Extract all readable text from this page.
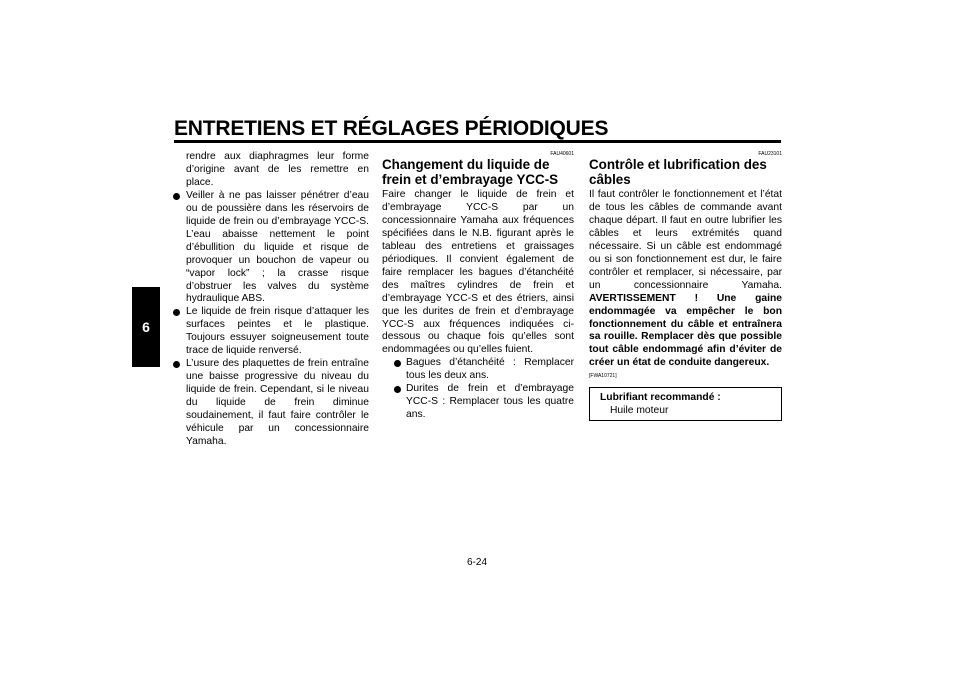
ENTRETIENS ET RÉGLAGES PÉRIODIQUES
6

rendre aux diaphragmes leur forme d’origine avant de les remettre en place.

Veiller à ne pas laisser pénétrer d’eau ou de poussière dans les réservoirs de liquide de frein ou d’embrayage YCC-S. L’eau abaisse nettement le point d’ébullition du liquide et risque de provoquer un bouchon de vapeur ou “vapor lock” ; la crasse risque d’obstruer les valves du système hydraulique ABS.
Le liquide de frein risque d’attaquer les surfaces peintes et le plastique. Toujours essuyer soigneusement toute trace de liquide renversé.
L’usure des plaquettes de frein entraîne une baisse progressive du niveau du liquide de frein. Cependant, si le niveau du liquide de frein diminue soudainement, il faut faire contrôler le véhicule par un concessionnaire Yamaha.

FAU40601

Changement du liquide de frein et d’embrayage YCC-S

Faire changer le liquide de frein et d’embrayage YCC-S par un concessionnaire Yamaha aux fréquences spécifiées dans le N.B. figurant après le tableau des entretiens et graissages périodiques. Il convient également de faire remplacer les bagues d’étanchéité des maîtres cylindres de frein et d’embrayage YCC-S et des étriers, ainsi que les durites de frein et d’embrayage YCC-S aux fréquences indiquées ci-dessous ou chaque fois qu’elles sont endommagées ou qu’elles fuient.

Bagues d’étanchéité : Remplacer tous les deux ans.
Durites de frein et d’embrayage YCC-S : Remplacer tous les quatre ans.

FAU23101

Contrôle et lubrification des câbles

Il faut contrôler le fonctionnement et l’état de tous les câbles de commande avant chaque départ. Il faut en outre lubrifier les câbles et leurs extrémités quand nécessaire. Si un câble est endommagé ou si son fonctionnement est dur, le faire contrôler et remplacer, si nécessaire, par un concessionnaire Yamaha. AVERTISSEMENT ! Une gaine endommagée va empêcher le bon fonctionnement du câble et entraînera sa rouille. Remplacer dès que possible tout câble endommagé afin d’éviter de créer un état de conduite dangereux.

[FWA10721]

Lubrifiant recommandé :
Huile moteur
6-24
